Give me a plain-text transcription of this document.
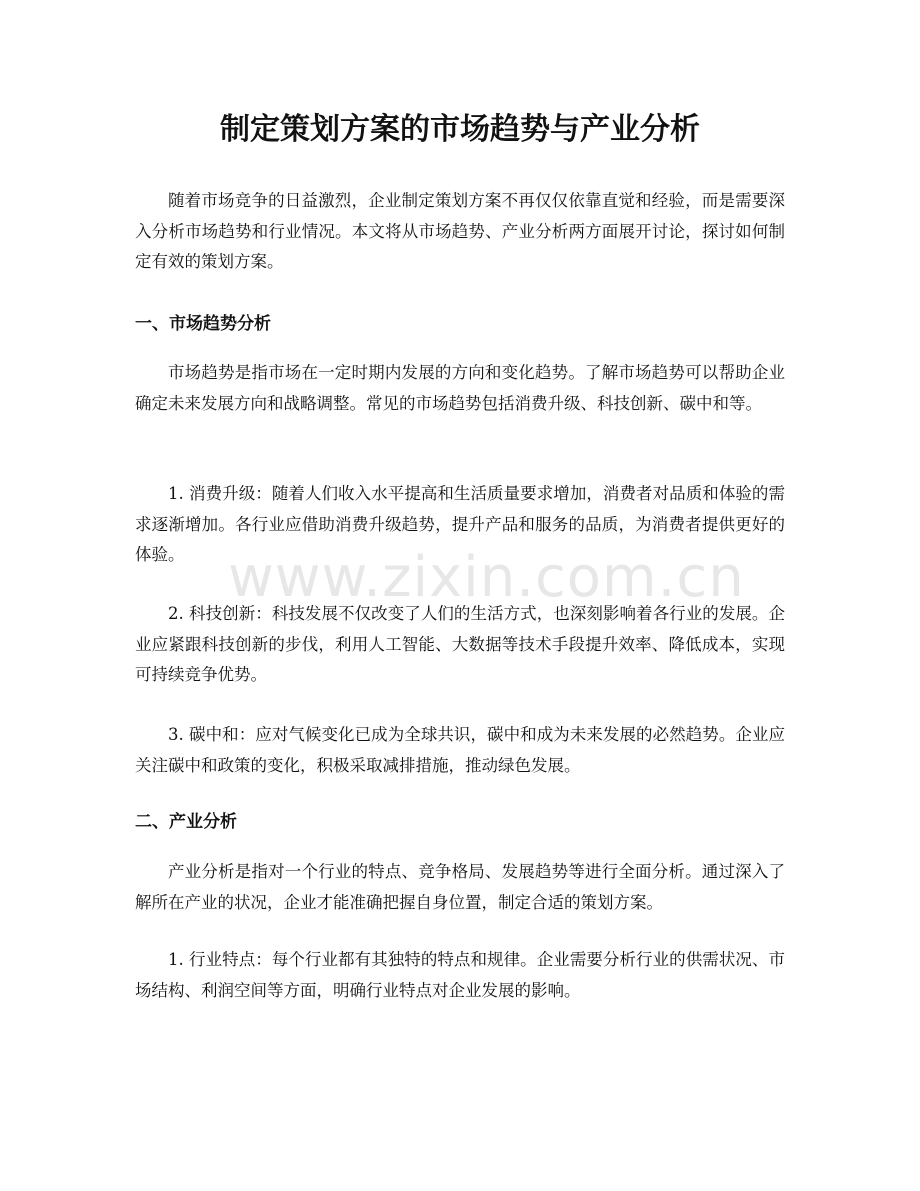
制定策划方案的市场趋势与产业分析

随着市场竞争的日益激烈，企业制定策划方案不再仅仅依靠直觉和经验，而是需要深入分析市场趋势和行业情况。本文将从市场趋势、产业分析两方面展开讨论，探讨如何制定有效的策划方案。

一、市场趋势分析

市场趋势是指市场在一定时期内发展的方向和变化趋势。了解市场趋势可以帮助企业确定未来发展方向和战略调整。常见的市场趋势包括消费升级、科技创新、碳中和等。

1. 消费升级：随着人们收入水平提高和生活质量要求增加，消费者对品质和体验的需求逐渐增加。各行业应借助消费升级趋势，提升产品和服务的品质，为消费者提供更好的体验。

2. 科技创新：科技发展不仅改变了人们的生活方式，也深刻影响着各行业的发展。企业应紧跟科技创新的步伐，利用人工智能、大数据等技术手段提升效率、降低成本，实现可持续竞争优势。

3. 碳中和：应对气候变化已成为全球共识，碳中和成为未来发展的必然趋势。企业应关注碳中和政策的变化，积极采取减排措施，推动绿色发展。

二、产业分析

产业分析是指对一个行业的特点、竞争格局、发展趋势等进行全面分析。通过深入了解所在产业的状况，企业才能准确把握自身位置，制定合适的策划方案。

1. 行业特点：每个行业都有其独特的特点和规律。企业需要分析行业的供需状况、市场结构、利润空间等方面，明确行业特点对企业发展的影响。

www.zixin.com.cn
